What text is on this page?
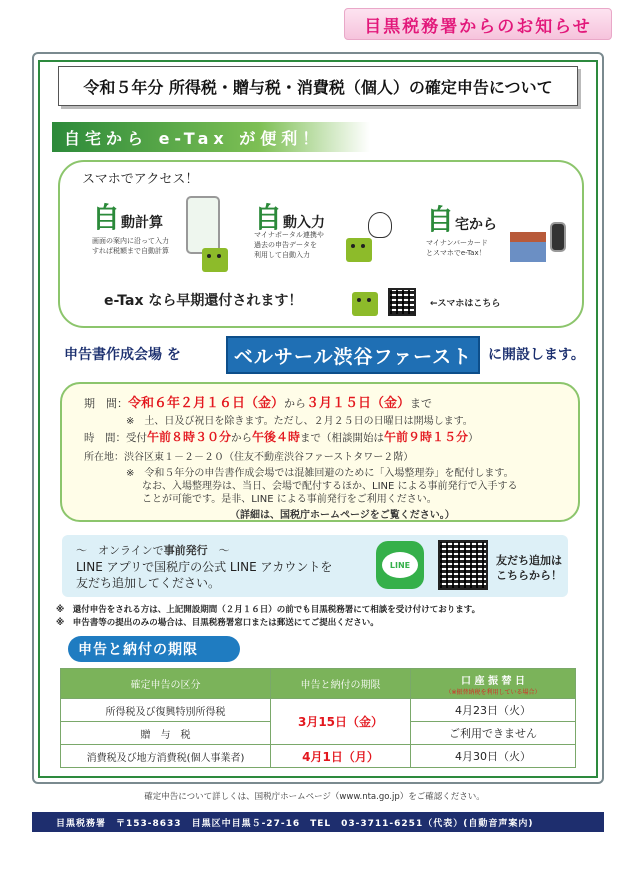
目黒税務署からのお知らせ
令和５年分 所得税・贈与税・消費税（個人）の確定申告について
自宅から e-Tax が便利！
スマホでアクセス！
自動計算
画面の案内に沿って入力
すれば税額まで自動計算
自動入力
マイナポータル連携や
過去の申告データを
利用して自動入力
自宅から
マイナンバーカード
とスマホでe-Tax！
e-Tax なら早期還付されます！	←スマホはこちら
申告書作成会場 を	ベルサール渋谷ファースト	に開設します。
期　間：令和６年２月１６日（金）から３月１５日（金）まで
※　土、日及び祝日を除きます。ただし、２月２５日の日曜日は開場します。
時　間：受付午前８時３０分から午後４時まで（相談開始は午前９時１５分）
所在地：渋谷区東１－２－２０（住友不動産渋谷ファーストタワー２階）
※　令和５年分の申告書作成会場では混雑回避のために「入場整理券」を配付します。
なお、入場整理券は、当日、会場で配付するほか、LINE による事前発行で入手する
ことが可能です。是非、LINE による事前発行をご利用ください。
（詳細は、国税庁ホームページをご覧ください。）
～　オンラインで事前発行　～
LINE アプリで国税庁の公式 LINE アカウントを
友だち追加してください。
LINE	友だち追加は
こちらから！
※　還付申告をされる方は、上記開設期間（２月１６日）の前でも目黒税務署にて相談を受け付けております。
※　申告書等の提出のみの場合は、目黒税務署窓口または郵送にてご提出ください。
申告と納付の期限
確定申告の区分	申告と納付の期限	口 座 振 替 日
（※振替納税を利用している場合）

所得税及び復興特別所得税	3月15日（金）	4月23日（火）
贈　与　税		ご利用できません
消費税及び地方消費税(個人事業者)	4月1日（月）	4月30日（火）
確定申告について詳しくは、国税庁ホームページ（www.nta.go.jp）をご確認ください。
目黒税務署　〒153-8633　目黒区中目黒５-27-16　TEL　03-3711-6251（代表）(自動音声案内)
